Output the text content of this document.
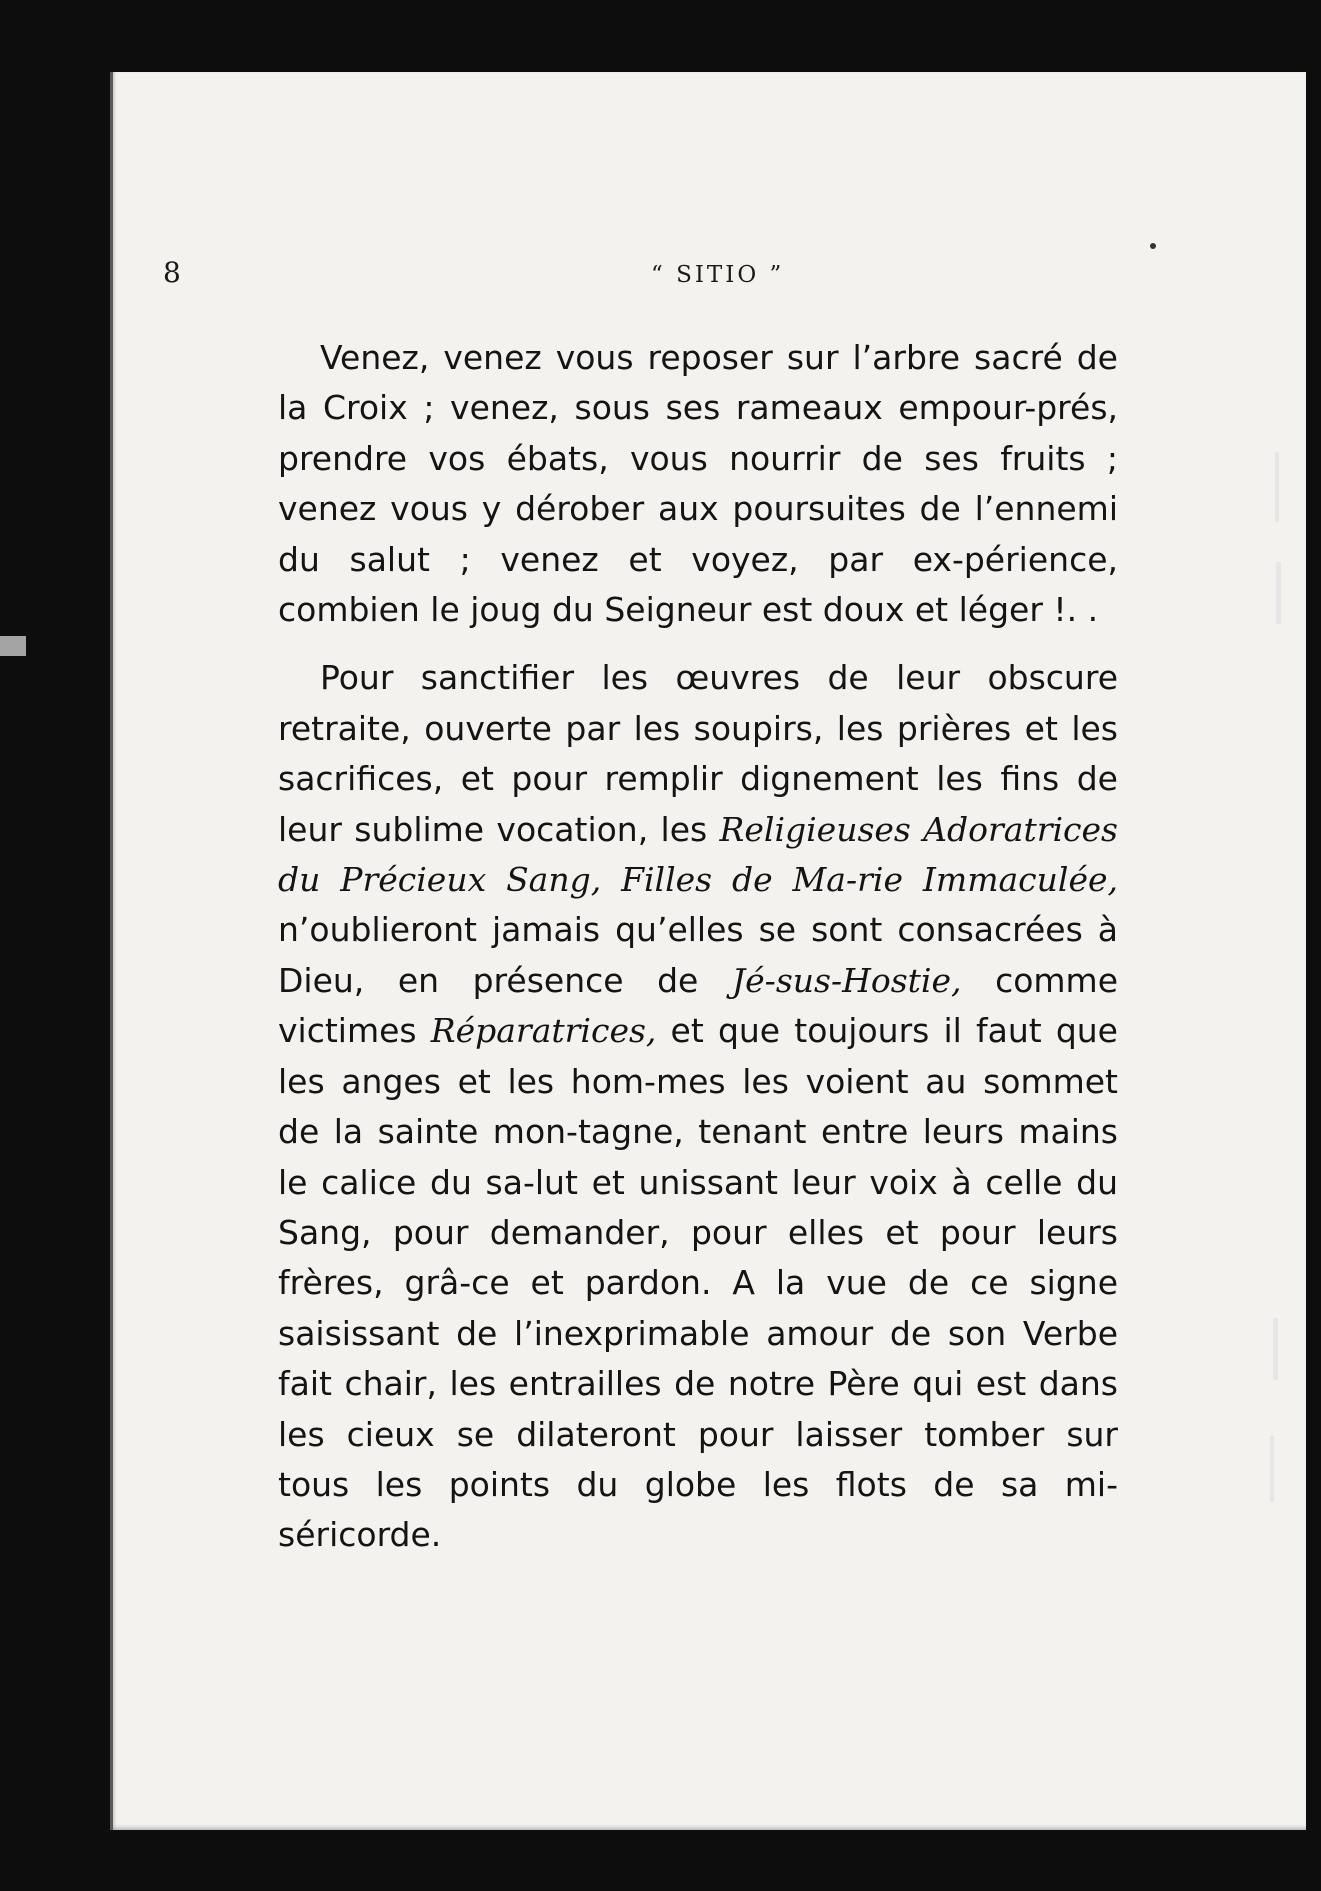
8	“ SITIO ”

Venez, venez vous reposer sur l’arbre sacré de la Croix ; venez, sous ses rameaux empour-prés, prendre vos ébats, vous nourrir de ses fruits ; venez vous y dérober aux poursuites de l’ennemi du salut ; venez et voyez, par ex-périence, combien le joug du Seigneur est doux et léger !. .

Pour sanctifier les œuvres de leur obscure retraite, ouverte par les soupirs, les prières et les sacrifices, et pour remplir dignement les fins de leur sublime vocation, les Religieuses Adoratrices du Précieux Sang, Filles de Ma-rie Immaculée, n’oublieront jamais qu’elles se sont consacrées à Dieu, en présence de Jé-sus-Hostie, comme victimes Réparatrices, et que toujours il faut que les anges et les hom-mes les voient au sommet de la sainte mon-tagne, tenant entre leurs mains le calice du sa-lut et unissant leur voix à celle du Sang, pour demander, pour elles et pour leurs frères, grâ-ce et pardon. A la vue de ce signe saisissant de l’inexprimable amour de son Verbe fait chair, les entrailles de notre Père qui est dans les cieux se dilateront pour laisser tomber sur tous les points du globe les flots de sa mi-séricorde.
